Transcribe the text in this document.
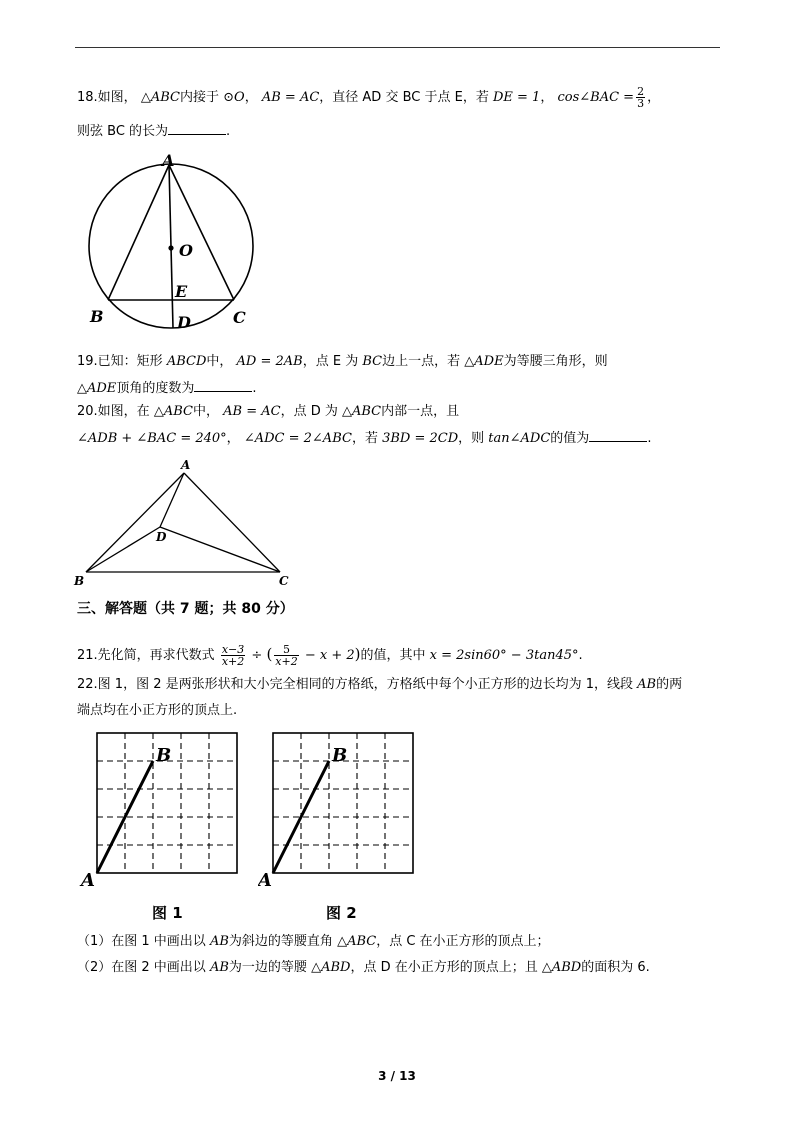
18.如图， △ABC内接于 ⊙O， AB = AC，直径 AD 交 BC 于点 E，若 DE = 1， cos∠BAC = $\frac{2}{3}$ ，
则弦 BC 的长为	.
A
O
E
B	C
D
19.已知：矩形 ABCD中， AD = 2AB，点 E 为 BC边上一点，若 △ADE为等腰三角形，则
△ADE顶角的度数为	.
20.如图，在 △ABC中， AB = AC，点 D 为 △ABC内部一点，且
∠ADB + ∠BAC = 240°， ∠ADC = 2∠ABC，若 3BD = 2CD，则 tan∠ADC的值为	.
A
D
B	C
三、解答题（共 7 题；共 80 分）
21.先化简，再求代数式 $\frac{x-3}{x+2}$ ÷ ( $\frac{5}{x+2} - x + 2$)的值，其中 x = 2sin60° − 3tan45°.
22.图 1，图 2 是两张形状和大小完全相同的方格纸，方格纸中每个小正方形的边长均为 1，线段 AB的两
端点均在小正方形的顶点上.
A
B
A
B
图 1	图 2
（1）在图 1 中画出以 AB为斜边的等腰直角 △ABC，点 C 在小正方形的顶点上；
（2）在图 2 中画出以 AB为一边的等腰 △ABD，点 D 在小正方形的顶点上；且 △ABD的面积为 6.
3 / 13
